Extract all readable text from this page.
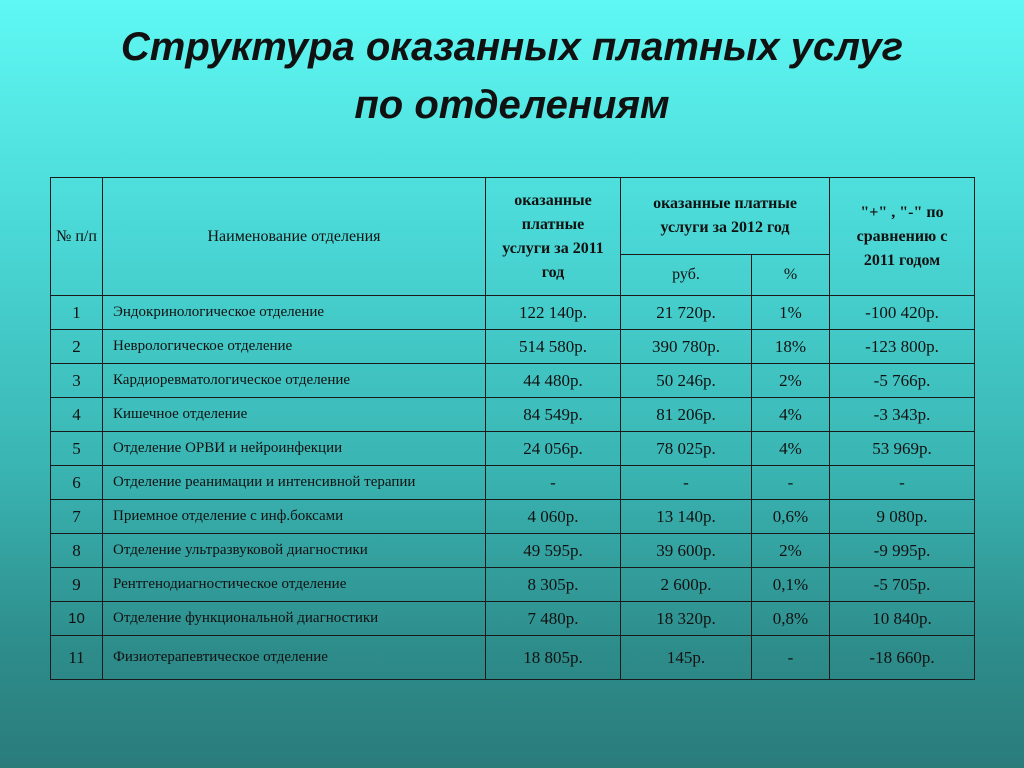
Структура оказанных платных услуг
по отделениям
№ п/п	Наименование отделения	оказанные платные услуги за 2011 год	оказанные платные услуги за 2012 год		"+" , "-" по сравнению с 2011 годом
			руб.	%	
1	Эндокринологическое отделение	122 140р.	21 720р.	1%	-100 420р.
2	Неврологическое отделение	514 580р.	390 780р.	18%	-123 800р.
3	Кардиоревматологическое отделение	44 480р.	50 246р.	2%	-5 766р.
4	Кишечное отделение	84 549р.	81 206р.	4%	-3 343р.
5	Отделение ОРВИ и нейроинфекции	24 056р.	78 025р.	4%	53 969р.
6	Отделение реанимации и интенсивной терапии	-	-	-	-
7	Приемное отделение с инф.боксами	4 060р.	13 140р.	0,6%	9 080р.
8	Отделение ультразвуковой диагностики	49 595р.	39 600р.	2%	-9 995р.
9	Рентгенодиагностическое отделение	8 305р.	2 600р.	0,1%	-5 705р.
10	Отделение функциональной диагностики	7 480р.	18 320р.	0,8%	10 840р.
11	Физиотерапевтическое отделение	18 805р.	145р.	-	-18 660р.
